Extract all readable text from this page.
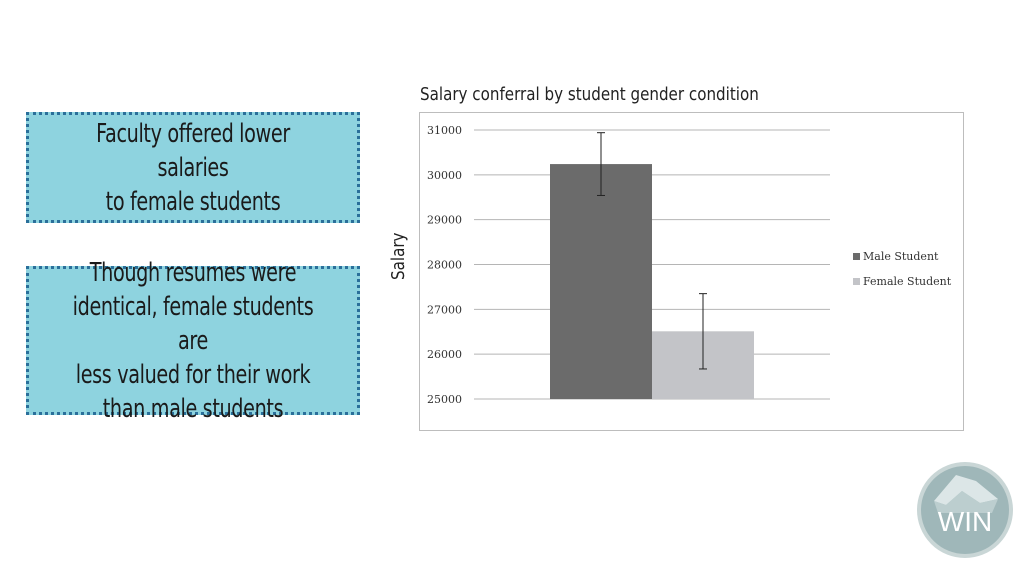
Faculty offered lower salaries
to female students
Though resumes were
identical, female students are
less valued for their work
than male students
Salary conferral by student gender condition
Salary
25000
26000
27000
28000
29000
30000
31000
Male Student
Female Student
WIN
